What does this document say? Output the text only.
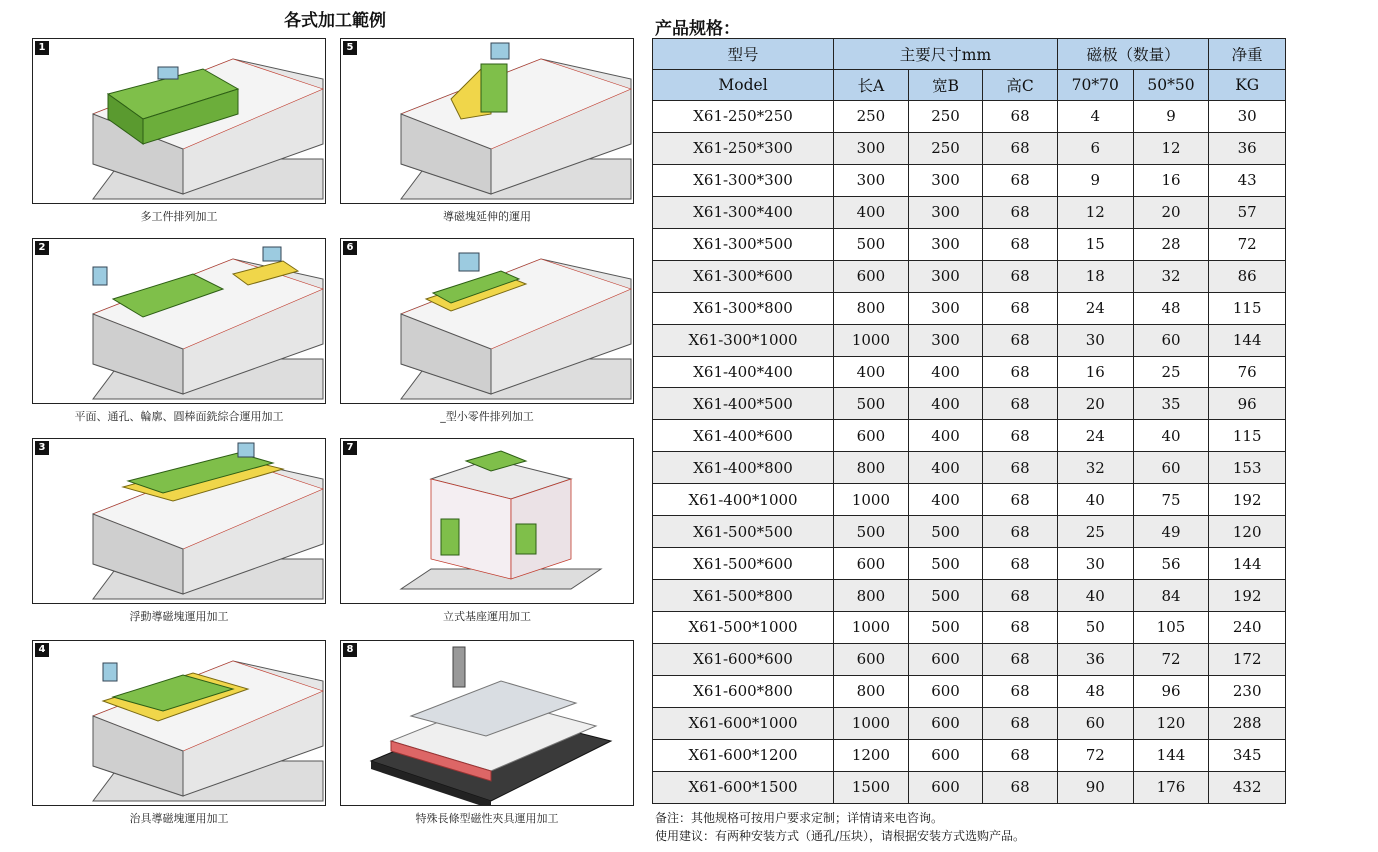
各式加工範例
1
多工件排列加工
2
平面、通孔、輪廓、圓棒面銑綜合運用加工
3
浮動導磁塊運用加工
4
治具導磁塊運用加工
5
導磁塊延伸的運用
6
_型小零件排列加工
7
立式基座運用加工
8
特殊長條型磁性夾具運用加工
产品规格：
型号	主要尺寸mm			磁极（数量）		净重
Model	长A	宽B	高C	70*70	50*50	KG
X61-250*250	250	250	68	4	9	30
X61-250*300	300	250	68	6	12	36
X61-300*300	300	300	68	9	16	43
X61-300*400	400	300	68	12	20	57
X61-300*500	500	300	68	15	28	72
X61-300*600	600	300	68	18	32	86
X61-300*800	800	300	68	24	48	115
X61-300*1000	1000	300	68	30	60	144
X61-400*400	400	400	68	16	25	76
X61-400*500	500	400	68	20	35	96
X61-400*600	600	400	68	24	40	115
X61-400*800	800	400	68	32	60	153
X61-400*1000	1000	400	68	40	75	192
X61-500*500	500	500	68	25	49	120
X61-500*600	600	500	68	30	56	144
X61-500*800	800	500	68	40	84	192
X61-500*1000	1000	500	68	50	105	240
X61-600*600	600	600	68	36	72	172
X61-600*800	800	600	68	48	96	230
X61-600*1000	1000	600	68	60	120	288
X61-600*1200	1200	600	68	72	144	345
X61-600*1500	1500	600	68	90	176	432
备注：其他规格可按用户要求定制；详情请来电咨询。
使用建议：有两种安装方式（通孔/压块），请根据安装方式选购产品。
